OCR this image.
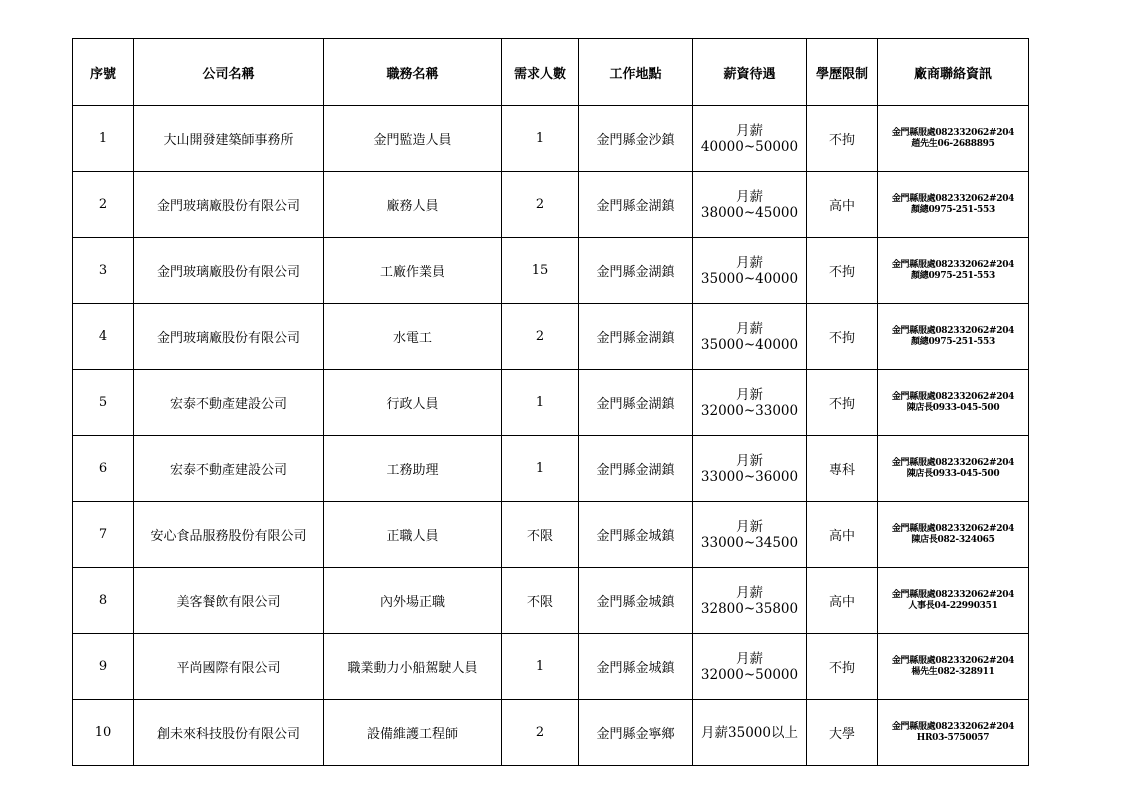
序號	公司名稱	職務名稱	需求人數	工作地點	薪資待遇	學歷限制	廠商聯絡資訊
1	大山開發建築師事務所	金門監造人員	1	金門縣金沙鎮	月薪
40000~50000	不拘	金門縣服處082332062#204
趙先生06-2688895

2	金門玻璃廠股份有限公司	廠務人員	2	金門縣金湖鎮	月薪
38000~45000	高中	金門縣服處082332062#204
顏總0975-251-553

3	金門玻璃廠股份有限公司	工廠作業員	15	金門縣金湖鎮	月薪
35000~40000	不拘	金門縣服處082332062#204
顏總0975-251-553

4	金門玻璃廠股份有限公司	水電工	2	金門縣金湖鎮	月薪
35000~40000	不拘	金門縣服處082332062#204
顏總0975-251-553

5	宏泰不動產建設公司	行政人員	1	金門縣金湖鎮	月新
32000~33000	不拘	金門縣服處082332062#204
陳店長0933-045-500

6	宏泰不動產建設公司	工務助理	1	金門縣金湖鎮	月新
33000~36000	專科	金門縣服處082332062#204
陳店長0933-045-500

7	安心食品服務股份有限公司	正職人員	不限	金門縣金城鎮	月新
33000~34500	高中	金門縣服處082332062#204
陳店長082-324065

8	美客餐飲有限公司	內外場正職	不限	金門縣金城鎮	月薪
32800~35800	高中	金門縣服處082332062#204
人事長04-22990351

9	平尚國際有限公司	職業動力小船駕駛人員	1	金門縣金城鎮	月薪
32000~50000	不拘	金門縣服處082332062#204
楊先生082-328911

10	創未來科技股份有限公司	設備維護工程師	2	金門縣金寧鄉	月薪35000以上	大學	金門縣服處082332062#204
HR03-5750057
